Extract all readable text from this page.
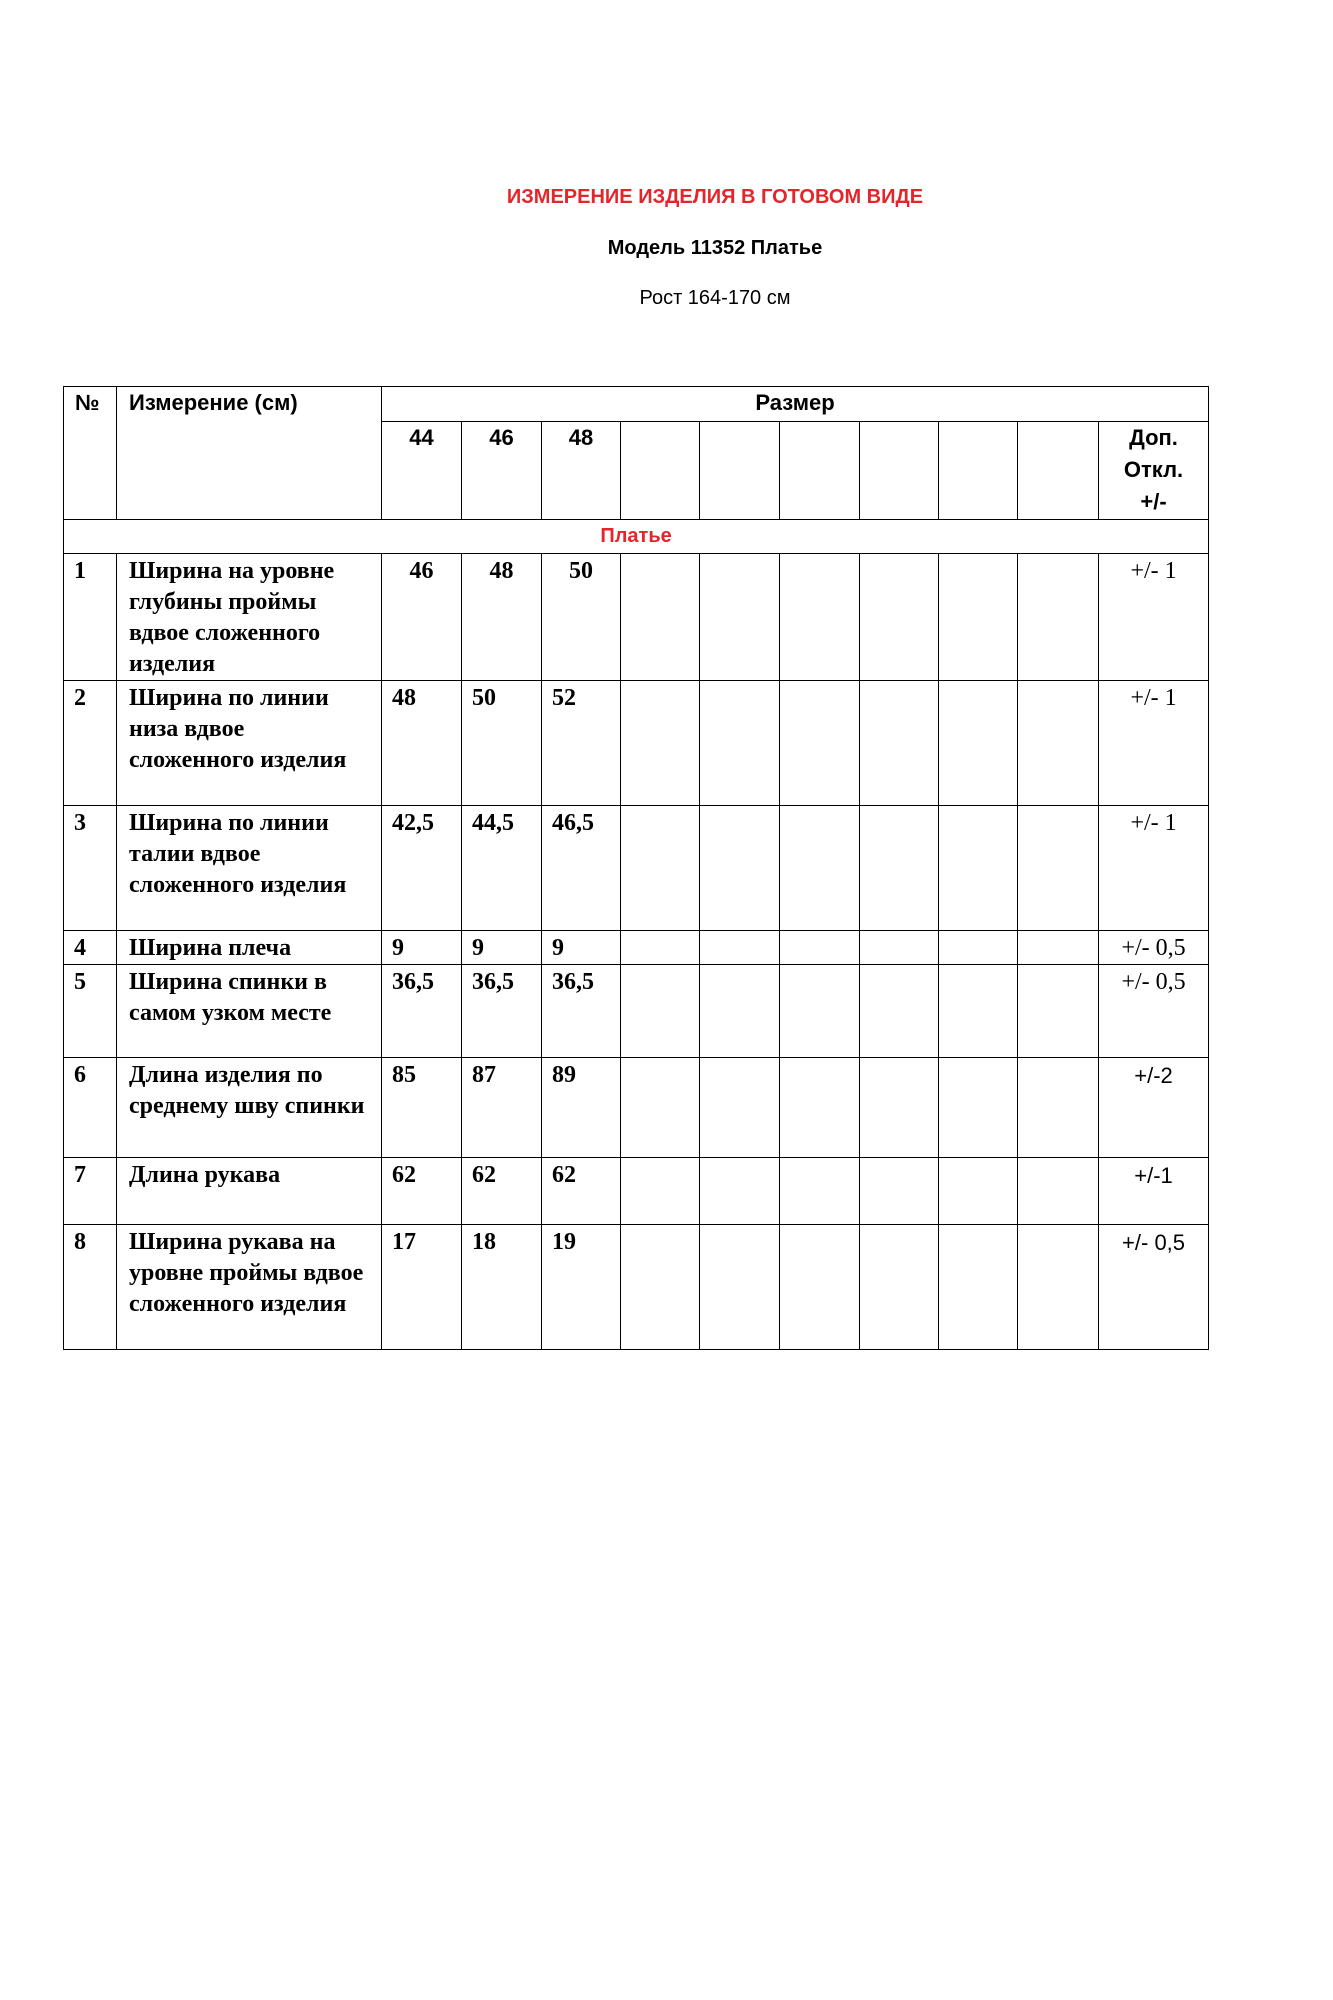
ИЗМЕРЕНИЕ ИЗДЕЛИЯ В ГОТОВОМ ВИДЕ
Модель 11352 Платье
Рост 164-170 см
№	Измерение (см)	Размер									
		44	46	48							Доп.
Откл.
+/-

Платье											
1	Ширина на уровне глубины проймы вдвое сложенного изделия	46	48	50							+/- 1
2	Ширина по линии низа вдвое сложенного изделия	48	50	52							+/- 1
3	Ширина по линии талии вдвое сложенного изделия	42,5	44,5	46,5							+/- 1
4	Ширина плеча	9	9	9							+/- 0,5
5	Ширина спинки в самом узком месте	36,5	36,5	36,5							+/- 0,5
6	Длина изделия по среднему шву спинки	85	87	89							+/-2
7	Длина рукава	62	62	62							+/-1
8	Ширина рукава на уровне проймы вдвое сложенного изделия	17	18	19							+/- 0,5
